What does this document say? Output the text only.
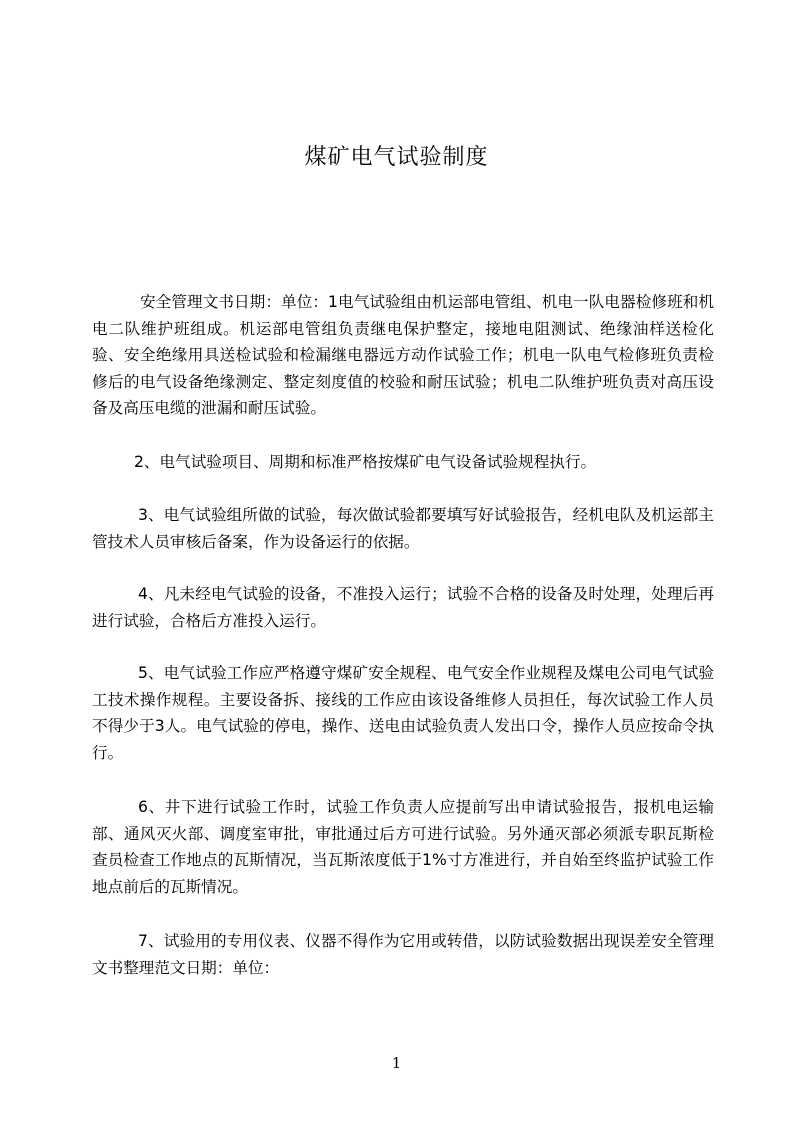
煤矿电气试验制度

安全管理文书日期：单位：1电气试验组由机运部电管组、机电一队电器检修班和机电二队维护班组成。机运部电管组负责继电保护整定，接地电阻测试、绝缘油样送检化验、安全绝缘用具送检试验和检漏继电器远方动作试验工作；机电一队电气检修班负责检修后的电气设备绝缘测定、整定刻度值的校验和耐压试验；机电二队维护班负责对高压设备及高压电缆的泄漏和耐压试验。

2、电气试验项目、周期和标准严格按煤矿电气设备试验规程执行。

3、电气试验组所做的试验，每次做试验都要填写好试验报告，经机电队及机运部主管技术人员审核后备案，作为设备运行的依据。

4、凡未经电气试验的设备，不准投入运行；试验不合格的设备及时处理，处理后再进行试验，合格后方准投入运行。

5、电气试验工作应严格遵守煤矿安全规程、电气安全作业规程及煤电公司电气试验工技术操作规程。主要设备拆、接线的工作应由该设备维修人员担任，每次试验工作人员不得少于3人。电气试验的停电，操作、送电由试验负责人发出口令，操作人员应按命令执行。

6、井下进行试验工作时，试验工作负责人应提前写出申请试验报告，报机电运输部、通风灭火部、调度室审批，审批通过后方可进行试验。另外通灭部必须派专职瓦斯检查员检查工作地点的瓦斯情况，当瓦斯浓度低于1%寸方准进行，并自始至终监护试验工作地点前后的瓦斯情况。

7、试验用的专用仪表、仪器不得作为它用或转借，以防试验数据出现误差安全管理文书整理范文日期：单位：

1
